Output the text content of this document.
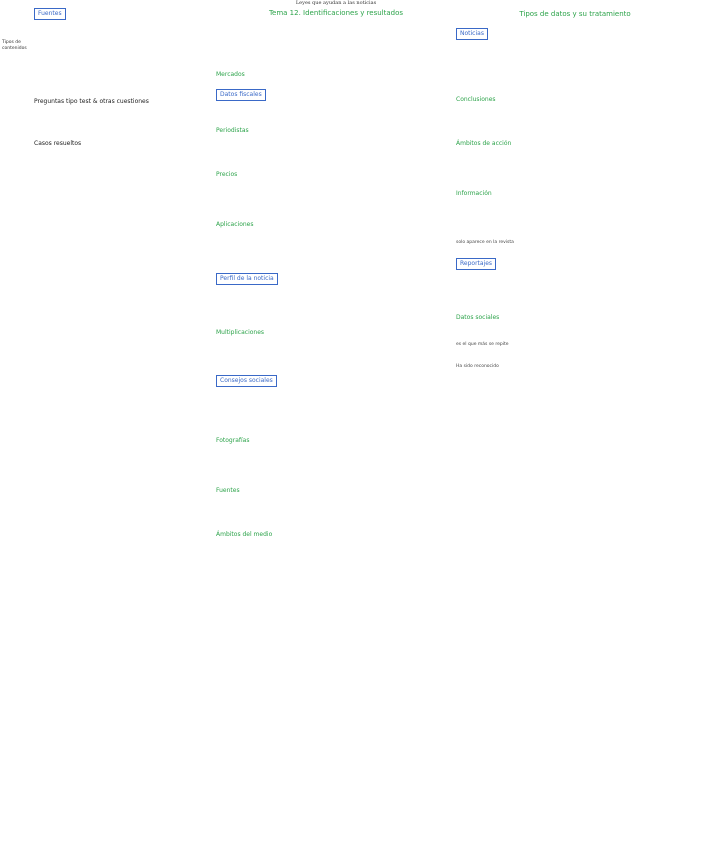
Tipos de contenidos
Fuentes

Preguntas tipo test & otras cuestiones

Casos resueltos

Leyes que ayudan a las noticias
Tema 12. Identificaciones y resultados

Mercados
Datos fiscales

Periodistas

Precios

Aplicaciones

Perfil de la noticia

Multiplicaciones

Consejos sociales

Fotografías

Fuentes

Ámbitos del medio

Tipos de datos y su tratamiento
Noticias

Conclusiones

Ámbitos de acción

Información

solo aparece en la revista

Reportajes

Datos sociales

es el que más se repite

Ha sido reconocido
